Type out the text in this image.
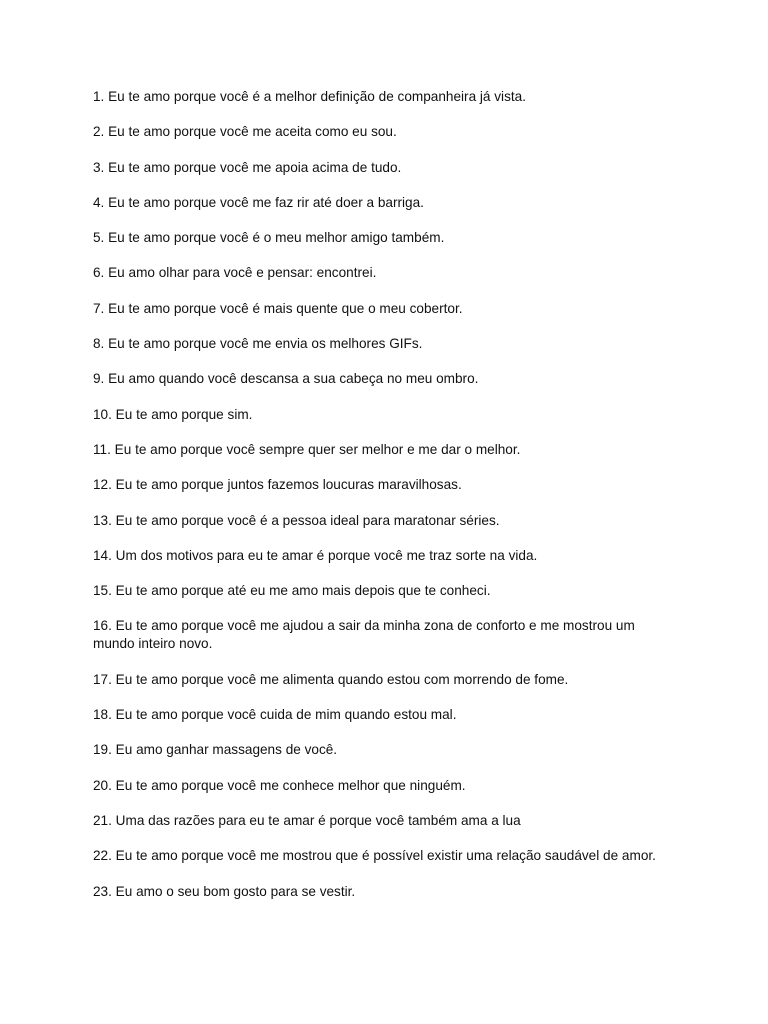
1. Eu te amo porque você é a melhor definição de companheira já vista.
2. Eu te amo porque você me aceita como eu sou.
3. Eu te amo porque você me apoia acima de tudo.
4. Eu te amo porque você me faz rir até doer a barriga.
5. Eu te amo porque você é o meu melhor amigo também.
6. Eu amo olhar para você e pensar: encontrei.
7. Eu te amo porque você é mais quente que o meu cobertor.
8. Eu te amo porque você me envia os melhores GIFs.
9. Eu amo quando você descansa a sua cabeça no meu ombro.
10. Eu te amo porque sim.
11. Eu te amo porque você sempre quer ser melhor e me dar o melhor.
12. Eu te amo porque juntos fazemos loucuras maravilhosas.
13. Eu te amo porque você é a pessoa ideal para maratonar séries.
14. Um dos motivos para eu te amar é porque você me traz sorte na vida.
15. Eu te amo porque até eu me amo mais depois que te conheci.
16. Eu te amo porque você me ajudou a sair da minha zona de conforto e me mostrou um mundo inteiro novo.
17. Eu te amo porque você me alimenta quando estou com morrendo de fome.
18. Eu te amo porque você cuida de mim quando estou mal.
19. Eu amo ganhar massagens de você.
20. Eu te amo porque você me conhece melhor que ninguém.
21. Uma das razões para eu te amar é porque você também ama a lua
22. Eu te amo porque você me mostrou que é possível existir uma relação saudável de amor.
23. Eu amo o seu bom gosto para se vestir.
